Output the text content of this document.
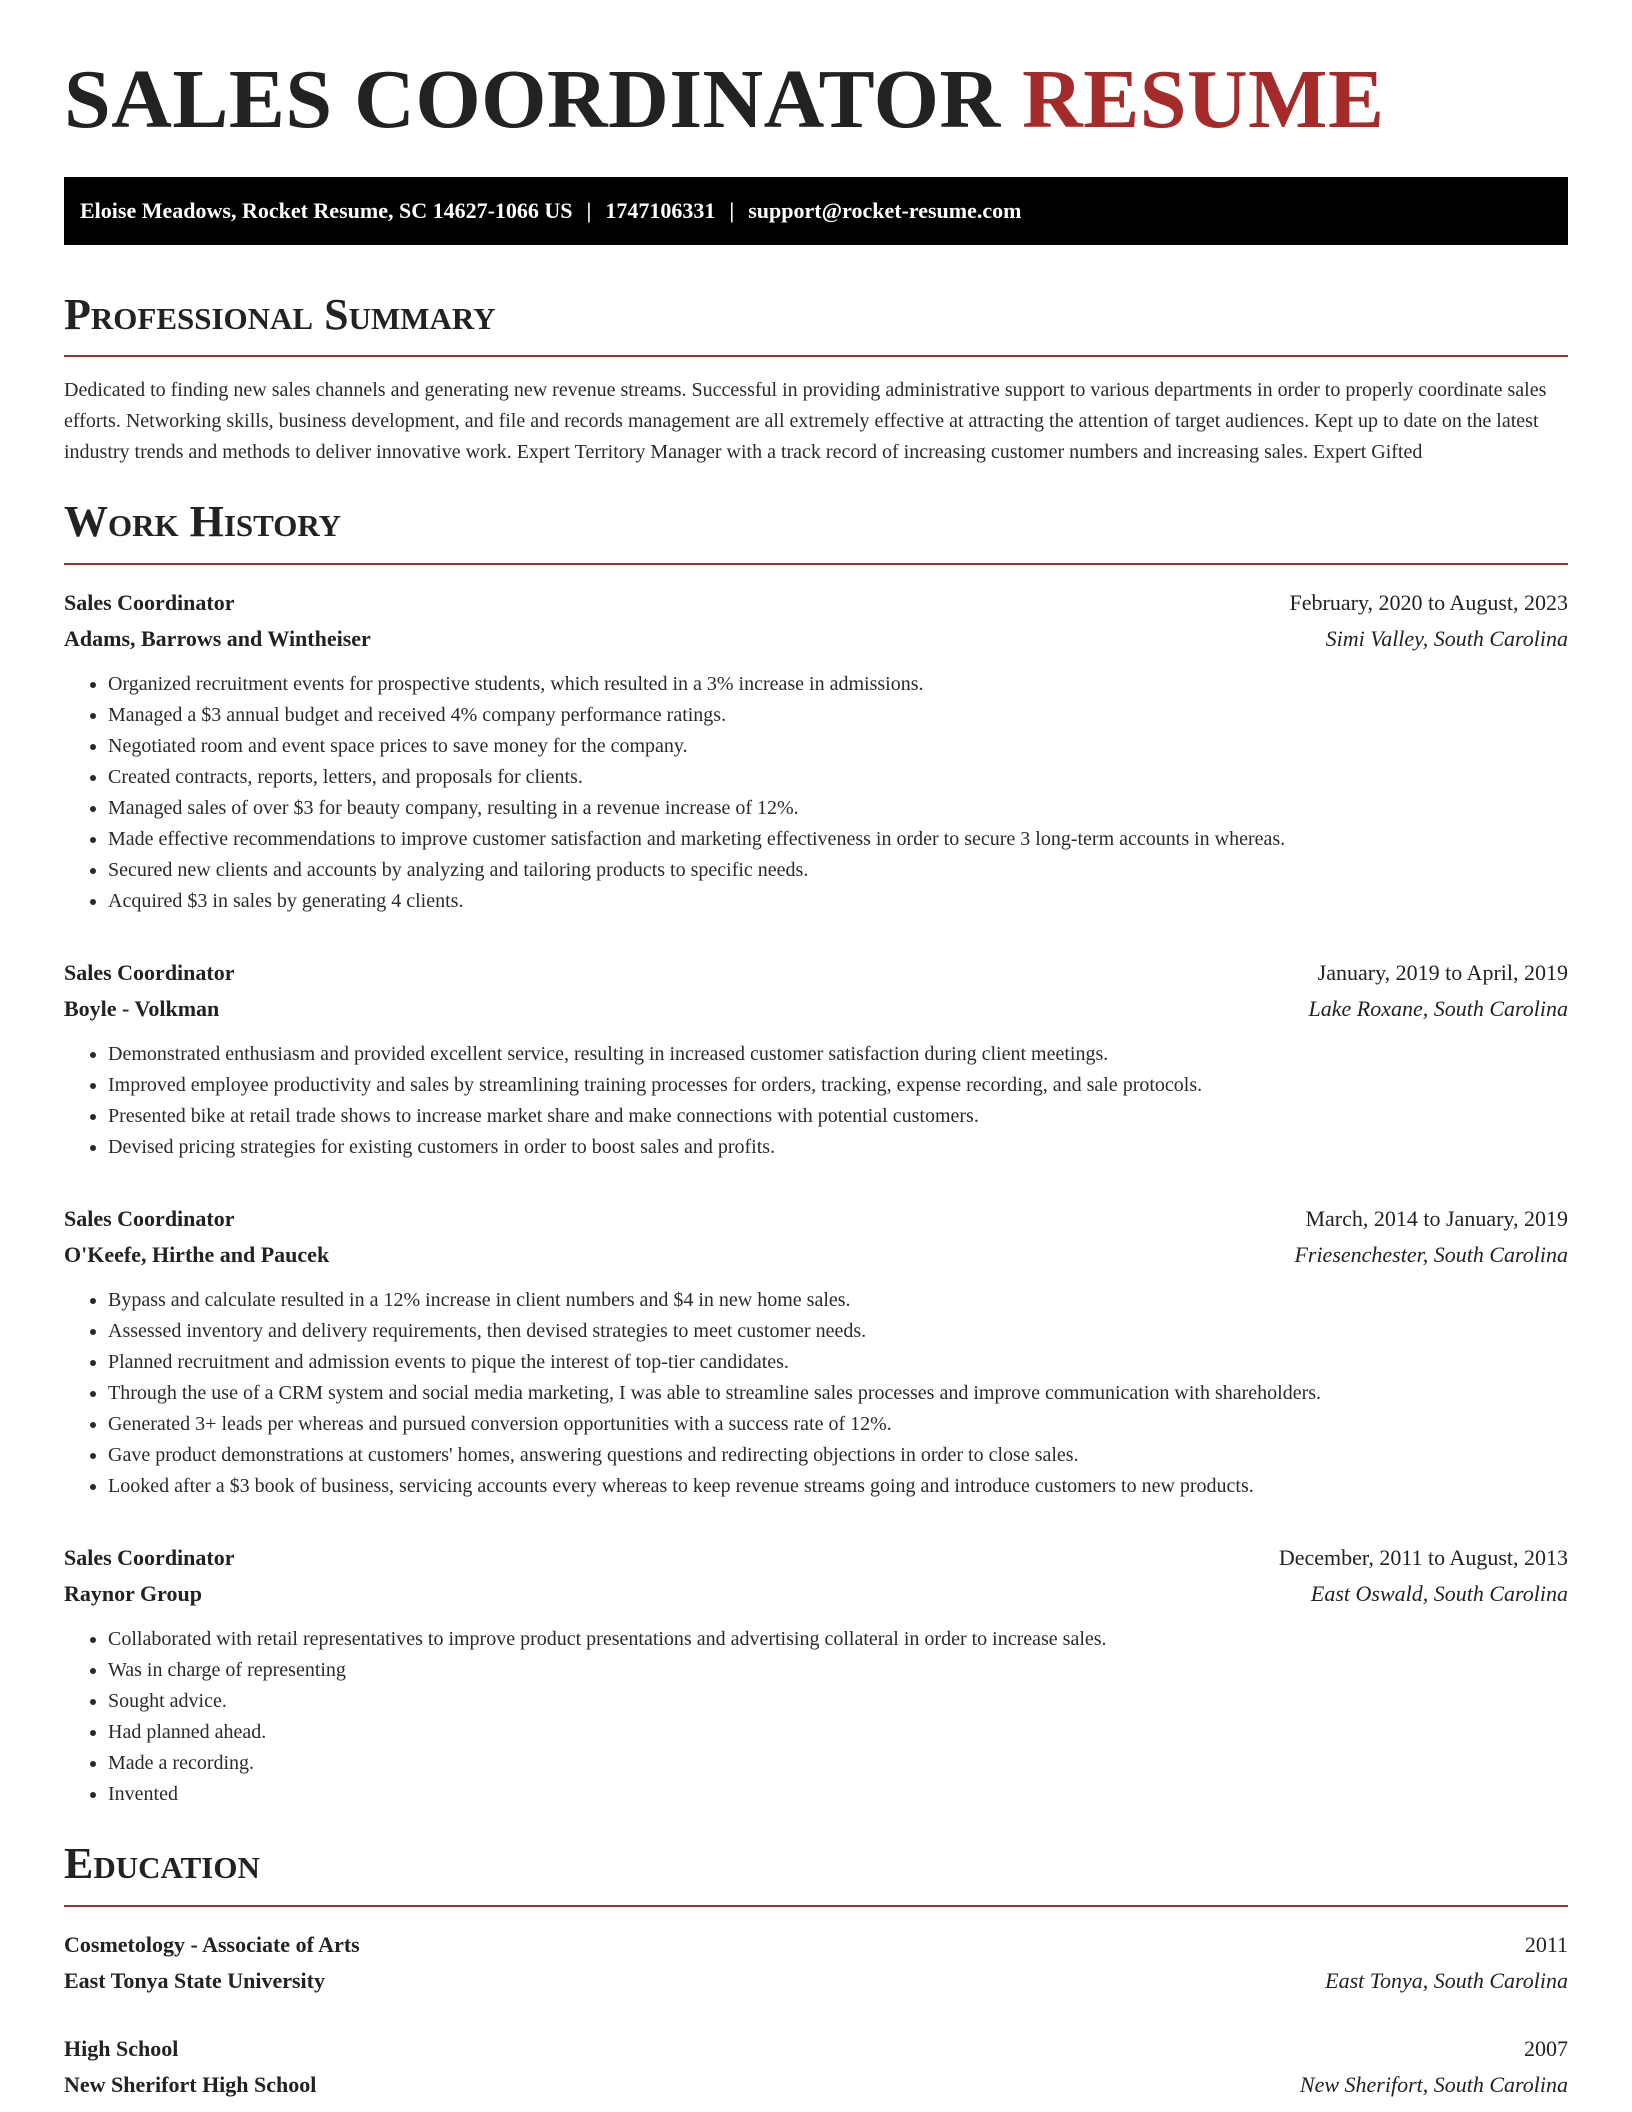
SALES COORDINATOR RESUME
Eloise Meadows, Rocket Resume, SC 14627-1066 US | 1747106331 | support@rocket-resume.com
Professional Summary

Dedicated to finding new sales channels and generating new revenue streams. Successful in providing administrative support to various departments in order to properly coordinate sales efforts. Networking skills, business development, and file and records management are all extremely effective at attracting the attention of target audiences. Kept up to date on the latest industry trends and methods to deliver innovative work. Expert Territory Manager with a track record of increasing customer numbers and increasing sales. Expert Gifted

Work History
Sales Coordinator	February, 2020 to August, 2023
Adams, Barrows and Wintheiser	Simi Valley, South Carolina
• Organized recruitment events for prospective students, which resulted in a 3% increase in admissions.
• Managed a $3 annual budget and received 4% company performance ratings.
• Negotiated room and event space prices to save money for the company.
• Created contracts, reports, letters, and proposals for clients.
• Managed sales of over $3 for beauty company, resulting in a revenue increase of 12%.
• Made effective recommendations to improve customer satisfaction and marketing effectiveness in order to secure 3 long-term accounts in whereas.
• Secured new clients and accounts by analyzing and tailoring products to specific needs.
• Acquired $3 in sales by generating 4 clients.
Sales Coordinator	January, 2019 to April, 2019
Boyle - Volkman	Lake Roxane, South Carolina
• Demonstrated enthusiasm and provided excellent service, resulting in increased customer satisfaction during client meetings.
• Improved employee productivity and sales by streamlining training processes for orders, tracking, expense recording, and sale protocols.
• Presented bike at retail trade shows to increase market share and make connections with potential customers.
• Devised pricing strategies for existing customers in order to boost sales and profits.
Sales Coordinator	March, 2014 to January, 2019
O'Keefe, Hirthe and Paucek	Friesenchester, South Carolina
• Bypass and calculate resulted in a 12% increase in client numbers and $4 in new home sales.
• Assessed inventory and delivery requirements, then devised strategies to meet customer needs.
• Planned recruitment and admission events to pique the interest of top-tier candidates.
• Through the use of a CRM system and social media marketing, I was able to streamline sales processes and improve communication with shareholders.
• Generated 3+ leads per whereas and pursued conversion opportunities with a success rate of 12%.
• Gave product demonstrations at customers' homes, answering questions and redirecting objections in order to close sales.
• Looked after a $3 book of business, servicing accounts every whereas to keep revenue streams going and introduce customers to new products.
Sales Coordinator	December, 2011 to August, 2013
Raynor Group	East Oswald, South Carolina
• Collaborated with retail representatives to improve product presentations and advertising collateral in order to increase sales.
• Was in charge of representing
• Sought advice.
• Had planned ahead.
• Made a recording.
• Invented
Education
Cosmetology - Associate of Arts	2011
East Tonya State University	East Tonya, South Carolina
High School	2007
New Sherifort High School	New Sherifort, South Carolina
